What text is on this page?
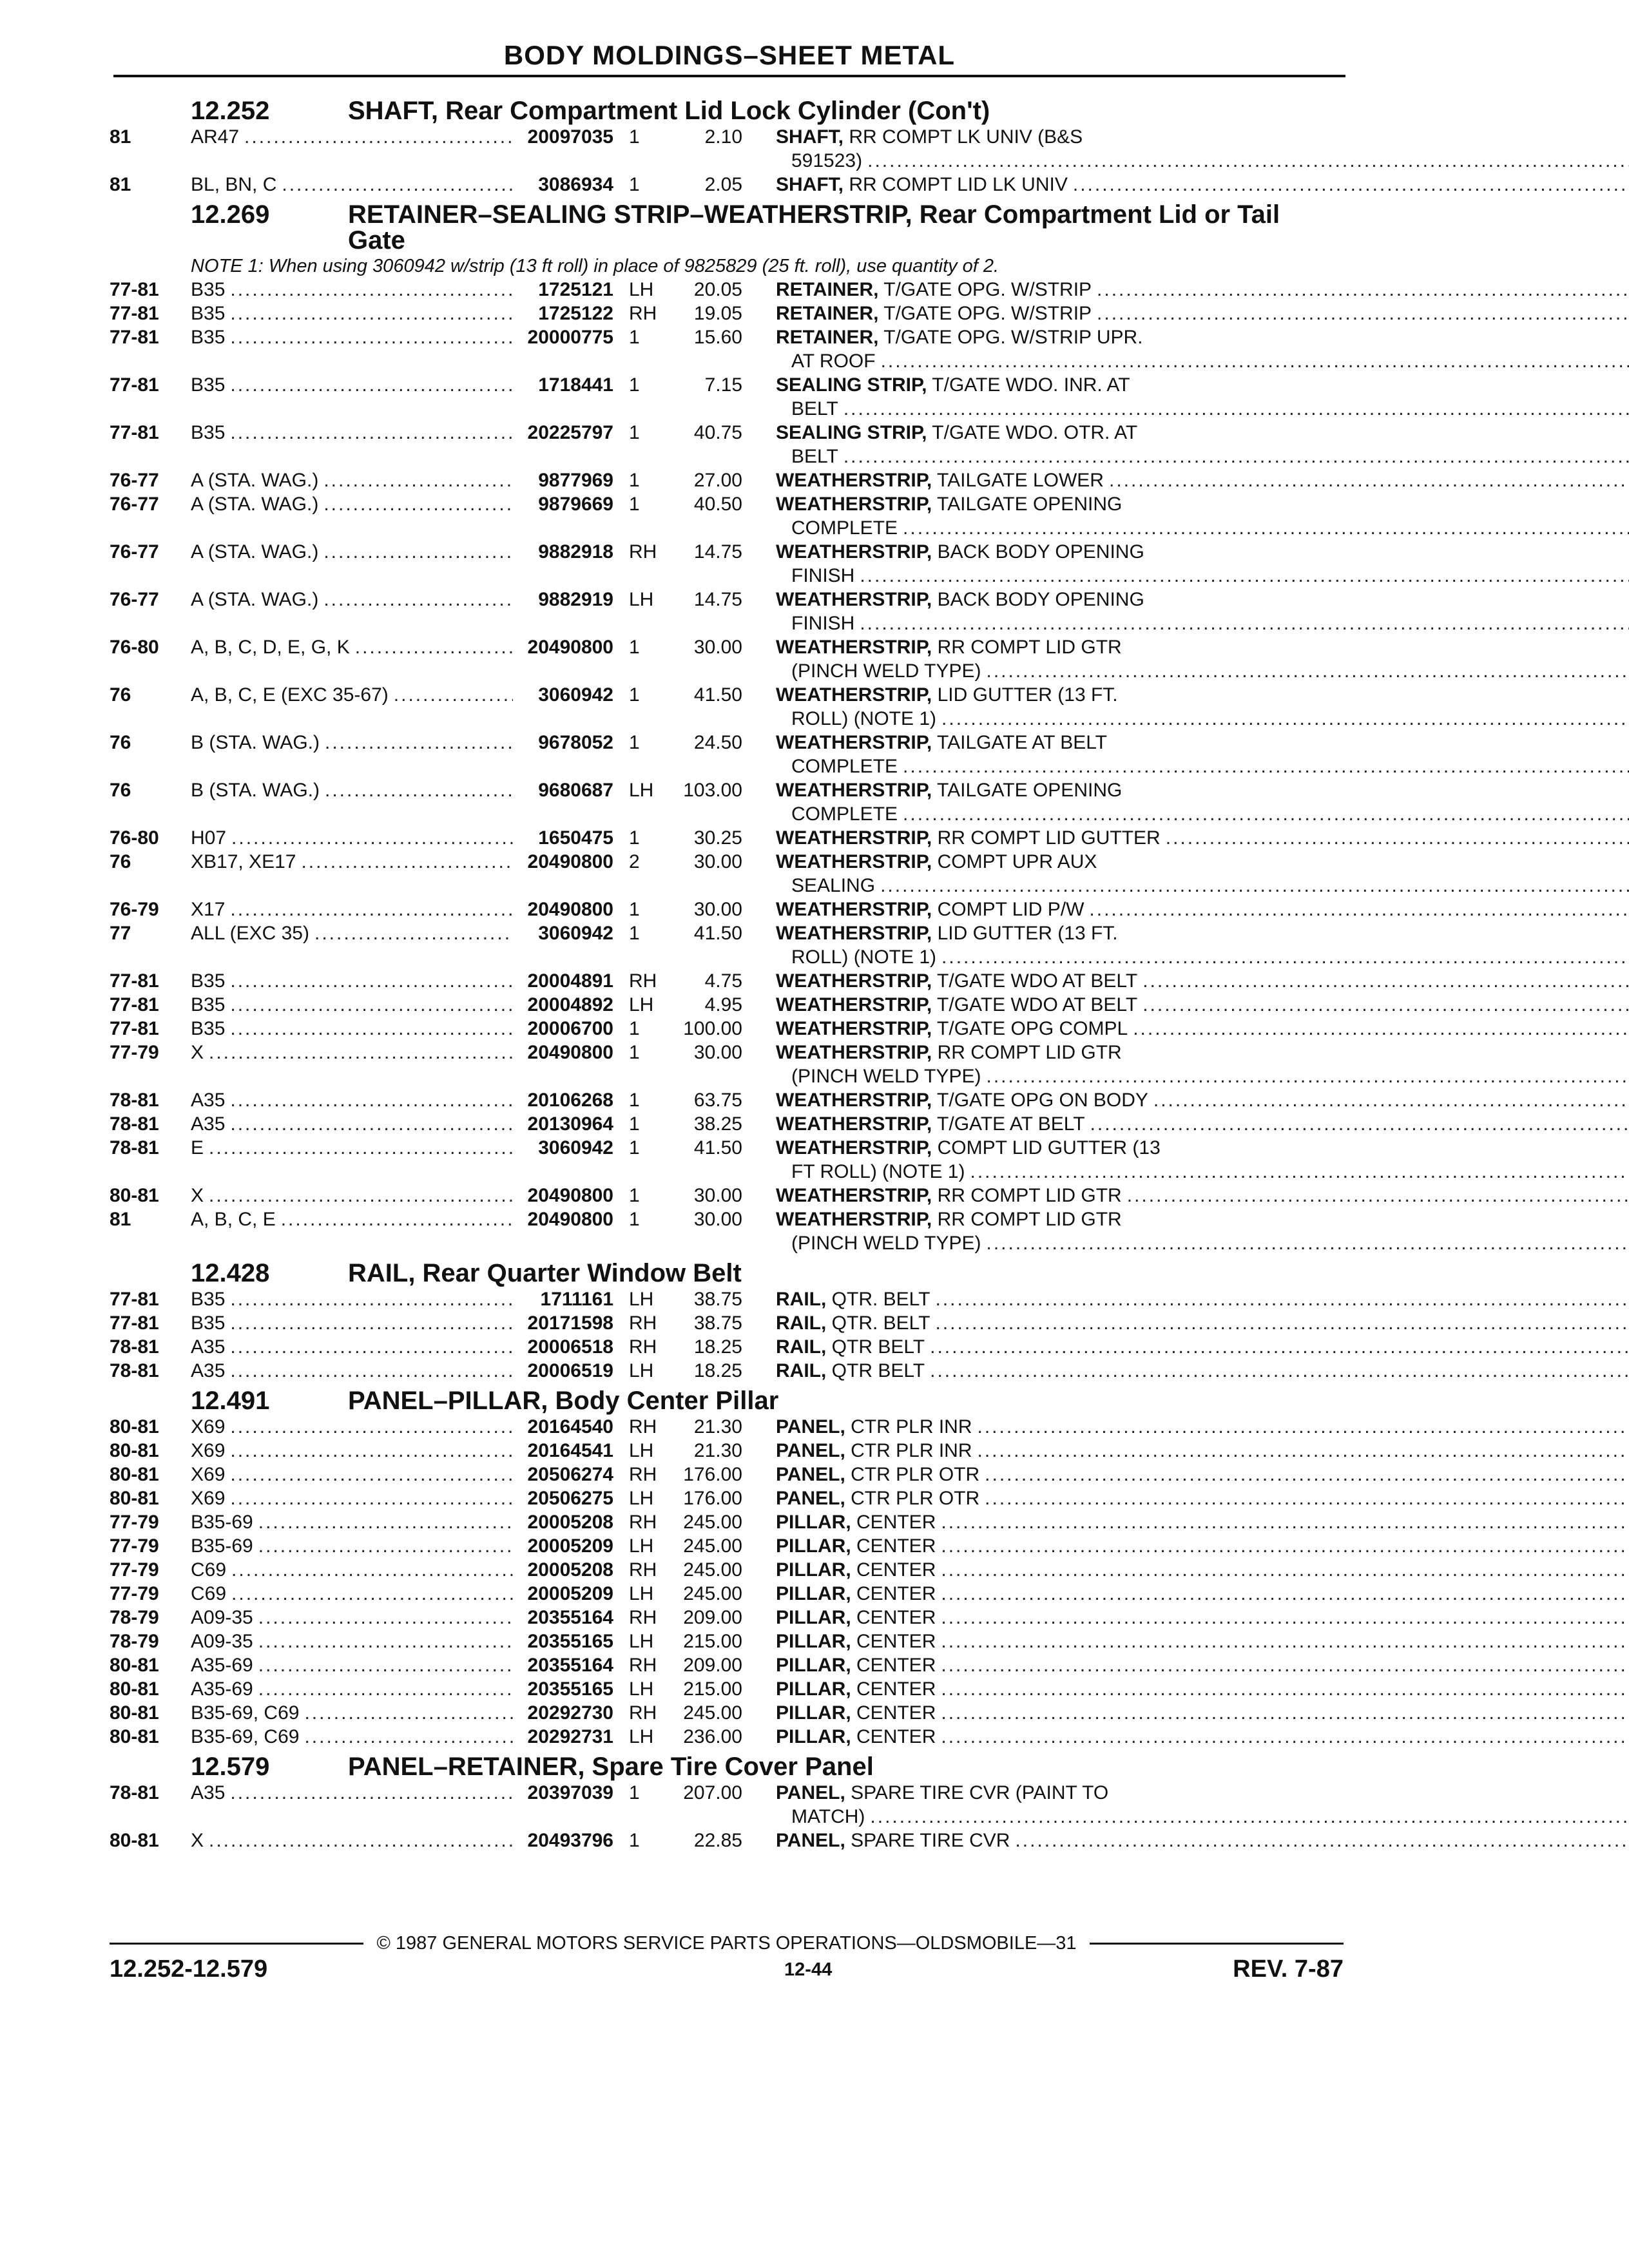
BODY MOLDINGS–SHEET METAL
12.252	SHAFT, Rear Compartment Lid Lock Cylinder (Con't)
81	AR47 .....	20097035 1	2.10 SHAFT, RR COMPT LK UNIV (B&S
591523)
.....
81	BL, BN, C .....	3086934 1	2.05 SHAFT, RR COMPT LID LK UNIV
.....
12.269	RETAINER–SEALING STRIP–WEATHERSTRIP, Rear Compartment Lid or Tail Gate
NOTE 1: When using 3060942 w/strip (13 ft roll) in place of 9825829 (25 ft. roll), use quantity of 2.
77-81	B35 .....	1725121 LH	20.05 RETAINER, T/GATE OPG. W/STRIP
.....
77-81	B35 .....	1725122 RH	19.05 RETAINER, T/GATE OPG. W/STRIP
.....
77-81	B35 .....	20000775 1	15.60 RETAINER, T/GATE OPG. W/STRIP UPR.
AT ROOF
.....
77-81	B35 .....	1718441 1	7.15 SEALING STRIP, T/GATE WDO. INR. AT
BELT
.....
77-81	B35 .....	20225797 1	40.75 SEALING STRIP, T/GATE WDO. OTR. AT
BELT
.....
76-77	A (STA. WAG.) .....	9877969 1	27.00 WEATHERSTRIP, TAILGATE LOWER
.....
76-77	A (STA. WAG.) .....	9879669 1	40.50 WEATHERSTRIP, TAILGATE OPENING
COMPLETE
.....
76-77	A (STA. WAG.) .....	9882918 RH	14.75 WEATHERSTRIP, BACK BODY OPENING
FINISH
.....
76-77	A (STA. WAG.) .....	9882919 LH	14.75 WEATHERSTRIP, BACK BODY OPENING
FINISH
.....
76-80	A, B, C, D, E, G, K .....	20490800 1	30.00 WEATHERSTRIP, RR COMPT LID GTR
(PINCH WELD TYPE)
.....
76	A, B, C, E (EXC 35-67) .....	3060942 1	41.50 WEATHERSTRIP, LID GUTTER (13 FT.
ROLL) (NOTE 1)
.....
76	B (STA. WAG.) .....	9678052 1	24.50 WEATHERSTRIP, TAILGATE AT BELT
COMPLETE
.....
76	B (STA. WAG.) .....	9680687 LH	103.00 WEATHERSTRIP, TAILGATE OPENING
COMPLETE
.....
76-80	H07 .....	1650475 1	30.25 WEATHERSTRIP, RR COMPT LID GUTTER
.....
76	XB17, XE17 .....	20490800 2	30.00 WEATHERSTRIP, COMPT UPR AUX
SEALING
.....
76-79	X17 .....	20490800 1	30.00 WEATHERSTRIP, COMPT LID P/W
.....
77	ALL (EXC 35) .....	3060942 1	41.50 WEATHERSTRIP, LID GUTTER (13 FT.
ROLL) (NOTE 1)
.....
77-81	B35 .....	20004891 RH	4.75 WEATHERSTRIP, T/GATE WDO AT BELT
.....
77-81	B35 .....	20004892 LH	4.95 WEATHERSTRIP, T/GATE WDO AT BELT
.....
77-81	B35 .....	20006700 1	100.00 WEATHERSTRIP, T/GATE OPG COMPL
.....
77-79	X .....	20490800 1	30.00 WEATHERSTRIP, RR COMPT LID GTR
(PINCH WELD TYPE)
.....
78-81	A35 .....	20106268 1	63.75 WEATHERSTRIP, T/GATE OPG ON BODY
.....
78-81	A35 .....	20130964 1	38.25 WEATHERSTRIP, T/GATE AT BELT
.....
78-81	E .....	3060942 1	41.50 WEATHERSTRIP, COMPT LID GUTTER (13
FT ROLL) (NOTE 1)
.....
80-81	X .....	20490800 1	30.00 WEATHERSTRIP, RR COMPT LID GTR
.....
81	A, B, C, E .....	20490800 1	30.00 WEATHERSTRIP, RR COMPT LID GTR
(PINCH WELD TYPE)
.....
12.428	RAIL, Rear Quarter Window Belt
77-81	B35 .....	1711161 LH	38.75 RAIL, QTR. BELT
.....
77-81	B35 .....	20171598 RH	38.75 RAIL, QTR. BELT
.....
78-81	A35 .....	20006518 RH	18.25 RAIL, QTR BELT
.....
78-81	A35 .....	20006519 LH	18.25 RAIL, QTR BELT
.....
12.491	PANEL–PILLAR, Body Center Pillar
80-81	X69 .....	20164540 RH	21.30 PANEL, CTR PLR INR
.....
80-81	X69 .....	20164541 LH	21.30 PANEL, CTR PLR INR
.....
80-81	X69 .....	20506274 RH	176.00 PANEL, CTR PLR OTR
.....
80-81	X69 .....	20506275 LH	176.00 PANEL, CTR PLR OTR
.....
77-79	B35-69 .....	20005208 RH	245.00 PILLAR, CENTER
.....
77-79	B35-69 .....	20005209 LH	245.00 PILLAR, CENTER
.....
77-79	C69 .....	20005208 RH	245.00 PILLAR, CENTER
.....
77-79	C69 .....	20005209 LH	245.00 PILLAR, CENTER
.....
78-79	A09-35 .....	20355164 RH	209.00 PILLAR, CENTER
.....
78-79	A09-35 .....	20355165 LH	215.00 PILLAR, CENTER
.....
80-81	A35-69 .....	20355164 RH	209.00 PILLAR, CENTER
.....
80-81	A35-69 .....	20355165 LH	215.00 PILLAR, CENTER
.....
80-81	B35-69, C69 .....	20292730 RH	245.00 PILLAR, CENTER
.....
80-81	B35-69, C69 .....	20292731 LH	236.00 PILLAR, CENTER
.....
12.579	PANEL–RETAINER, Spare Tire Cover Panel
78-81	A35 .....	20397039 1	207.00 PANEL, SPARE TIRE CVR (PAINT TO
MATCH)
.....
80-81	X .....	20493796 1	22.85 PANEL, SPARE TIRE CVR
.....
© 1987 GENERAL MOTORS SERVICE PARTS OPERATIONS—OLDSMOBILE—31
12.252-12.579	12-44	REV. 7-87
